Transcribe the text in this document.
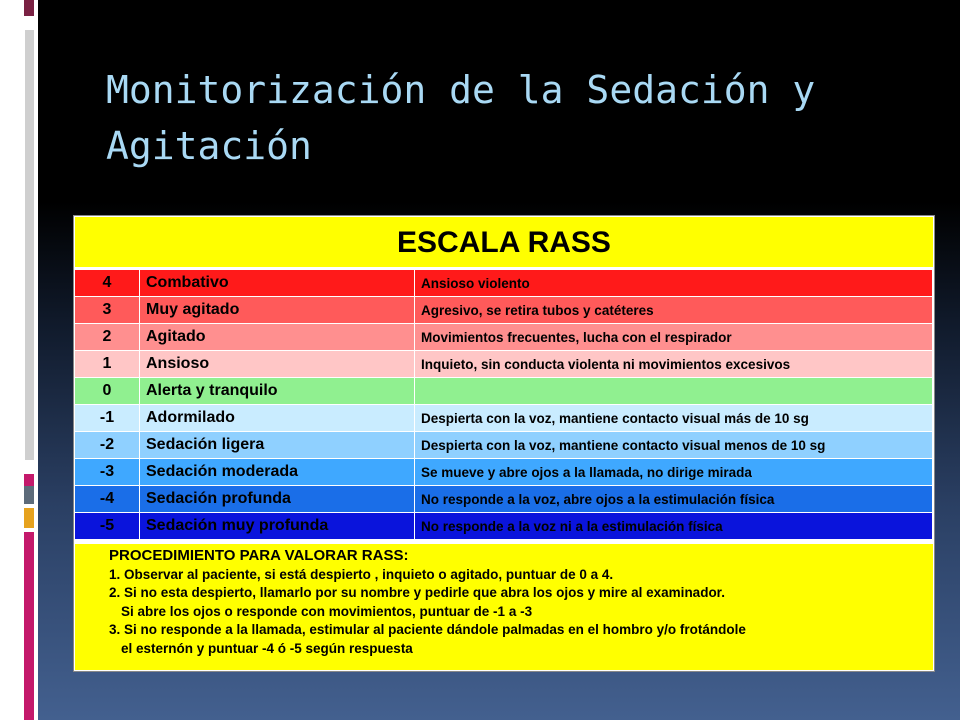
Monitorización de la Sedación y Agitación
ESCALA RASS
4	Combativo	Ansioso violento
3	Muy agitado	Agresivo, se retira tubos y catéteres
2	Agitado	Movimientos frecuentes, lucha con el respirador
1	Ansioso	Inquieto, sin conducta violenta ni movimientos excesivos
0	Alerta y tranquilo	
-1	Adormilado	Despierta con la voz, mantiene contacto visual más de 10 sg
-2	Sedación ligera	Despierta con la voz, mantiene contacto visual menos de 10 sg
-3	Sedación moderada	Se mueve y abre ojos a la llamada, no dirige mirada
-4	Sedación profunda	No responde a la voz, abre ojos a la estimulación física
-5	Sedación muy profunda	No responde a la voz ni a la estimulación física
PROCEDIMIENTO PARA VALORAR RASS:
1. Observar al paciente, si está despierto , inquieto o agitado, puntuar de 0 a 4.
2. Si no esta despierto, llamarlo por su nombre y pedirle que abra los ojos y mire al examinador.
Si abre los ojos o responde con movimientos, puntuar de -1 a -3
3. Si no responde a la llamada, estimular al paciente dándole palmadas en el hombro y/o frotándole
el esternón y puntuar -4 ó -5 según respuesta
